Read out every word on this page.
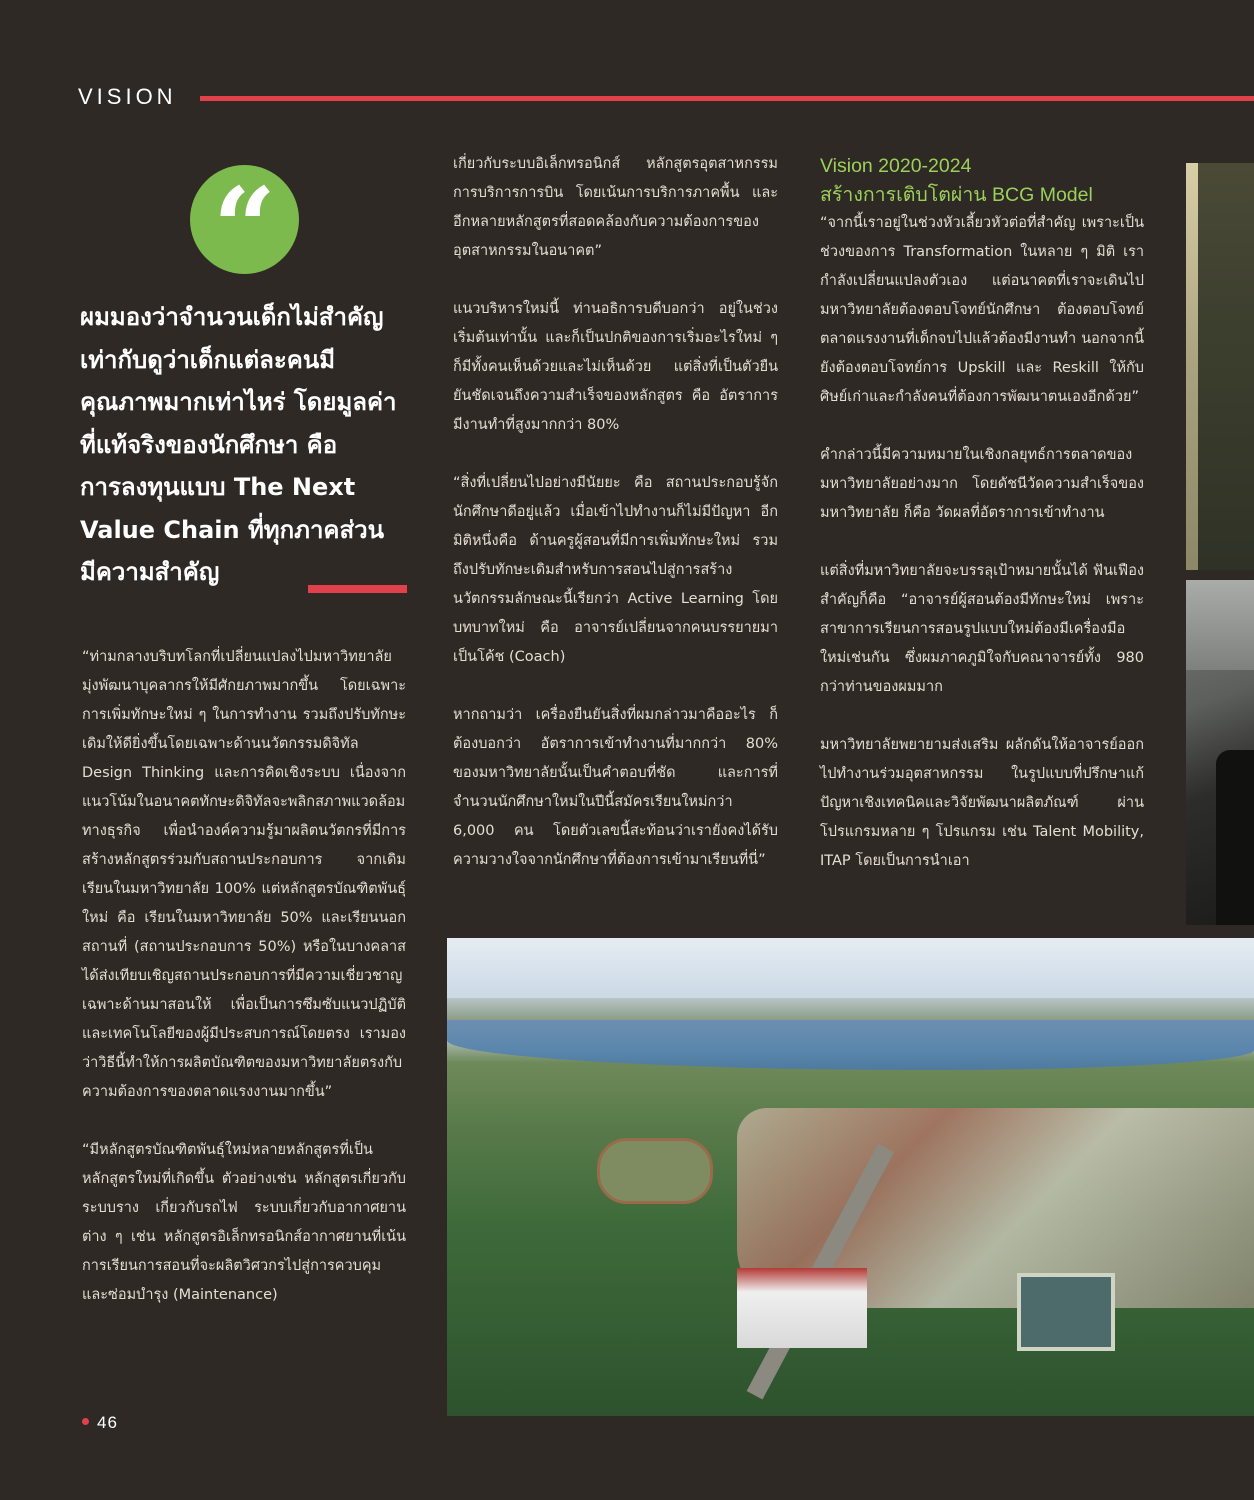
VISION
“
ผมมองว่าจำนวนเด็กไม่สำคัญ
เท่ากับดูว่าเด็กแต่ละคนมี
คุณภาพมากเท่าไหร่ โดยมูลค่า
ที่แท้จริงของนักศึกษา คือ
การลงทุนแบบ The Next
Value Chain ที่ทุกภาคส่วน
มีความสำคัญ

“ท่ามกลางบริบทโลกที่เปลี่ยนแปลงไปมหาวิทยาลัยมุ่งพัฒนาบุคลากรให้มีศักยภาพมากขึ้น โดยเฉพาะการเพิ่มทักษะใหม่ ๆ ในการทำงาน รวมถึงปรับทักษะเดิมให้ดียิ่งขึ้นโดยเฉพาะด้านนวัตกรรมดิจิทัล Design Thinking และการคิดเชิงระบบ เนื่องจากแนวโน้มในอนาคตทักษะดิจิทัลจะพลิกสภาพแวดล้อมทางธุรกิจ เพื่อนำองค์ความรู้มาผลิตนวัตกรที่มีการสร้างหลักสูตรร่วมกับสถานประกอบการ จากเดิมเรียนในมหาวิทยาลัย 100% แต่หลักสูตรบัณฑิตพันธุ์ใหม่ คือ เรียนในมหาวิทยาลัย 50% และเรียนนอกสถานที่ (สถานประกอบการ 50%) หรือในบางคลาสได้ส่งเทียบเชิญสถานประกอบการที่มีความเชี่ยวชาญเฉพาะด้านมาสอนให้ เพื่อเป็นการซึมซับแนวปฏิบัติและเทคโนโลยีของผู้มีประสบการณ์โดยตรง เรามองว่าวิธีนี้ทำให้การผลิตบัณฑิตของมหาวิทยาลัยตรงกับความต้องการของตลาดแรงงานมากขึ้น”

“มีหลักสูตรบัณฑิตพันธุ์ใหม่หลายหลักสูตรที่เป็นหลักสูตรใหม่ที่เกิดขึ้น ตัวอย่างเช่น หลักสูตรเกี่ยวกับระบบราง เกี่ยวกับรถไฟ ระบบเกี่ยวกับอากาศยานต่าง ๆ เช่น หลักสูตรอิเล็กทรอนิกส์อากาศยานที่เน้นการเรียนการสอนที่จะผลิตวิศวกรไปสู่การควบคุม และซ่อมบำรุง (Maintenance)

เกี่ยวกับระบบอิเล็กทรอนิกส์ หลักสูตรอุตสาหกรรมการบริการการบิน โดยเน้นการบริการภาคพื้น และอีกหลายหลักสูตรที่สอดคล้องกับความต้องการของอุตสาหกรรมในอนาคต”

แนวบริหารใหม่นี้ ท่านอธิการบดีบอกว่า อยู่ในช่วงเริ่มต้นเท่านั้น และก็เป็นปกติของการเริ่มอะไรใหม่ ๆ ก็มีทั้งคนเห็นด้วยและไม่เห็นด้วย แต่สิ่งที่เป็นตัวยืนยันชัดเจนถึงความสำเร็จของหลักสูตร คือ อัตราการมีงานทำที่สูงมากกว่า 80%

“สิ่งที่เปลี่ยนไปอย่างมีนัยยะ คือ สถานประกอบรู้จักนักศึกษาดีอยู่แล้ว เมื่อเข้าไปทำงานก็ไม่มีปัญหา อีกมิติหนึ่งคือ ด้านครูผู้สอนที่มีการเพิ่มทักษะใหม่ รวมถึงปรับทักษะเดิมสำหรับการสอนไปสู่การสร้างนวัตกรรมลักษณะนี้เรียกว่า Active Learning โดยบทบาทใหม่ คือ อาจารย์เปลี่ยนจากคนบรรยายมาเป็นโค้ช (Coach)

หากถามว่า เครื่องยืนยันสิ่งที่ผมกล่าวมาคืออะไร ก็ต้องบอกว่า อัตราการเข้าทำงานที่มากกว่า 80% ของมหาวิทยาลัยนั้นเป็นคำตอบที่ชัด และการที่จำนวนนักศึกษาใหม่ในปีนี้สมัครเรียนใหม่กว่า 6,000 คน โดยตัวเลขนี้สะท้อนว่าเรายังคงได้รับความวางใจจากนักศึกษาที่ต้องการเข้ามาเรียนที่นี่”

Vision 2020-2024
สร้างการเติบโตผ่าน BCG Model

“จากนี้เราอยู่ในช่วงหัวเลี้ยวหัวต่อที่สำคัญ เพราะเป็นช่วงของการ Transformation ในหลาย ๆ มิติ เรากำลังเปลี่ยนแปลงตัวเอง แต่อนาคตที่เราจะเดินไป มหาวิทยาลัยต้องตอบโจทย์นักศึกษา ต้องตอบโจทย์ตลาดแรงงานที่เด็กจบไปแล้วต้องมีงานทำ นอกจากนี้ยังต้องตอบโจทย์การ Upskill และ Reskill ให้กับศิษย์เก่าและกำลังคนที่ต้องการพัฒนาตนเองอีกด้วย”

คำกล่าวนี้มีความหมายในเชิงกลยุทธ์การตลาดของมหาวิทยาลัยอย่างมาก โดยดัชนีวัดความสำเร็จของมหาวิทยาลัย ก็คือ วัดผลที่อัตราการเข้าทำงาน

แต่สิ่งที่มหาวิทยาลัยจะบรรลุเป้าหมายนั้นได้ ฟันเฟืองสำคัญก็คือ “อาจารย์ผู้สอนต้องมีทักษะใหม่ เพราะสาขาการเรียนการสอนรูปแบบใหม่ต้องมีเครื่องมือใหม่เช่นกัน ซึ่งผมภาคภูมิใจกับคณาจารย์ทั้ง 980 กว่าท่านของผมมาก

มหาวิทยาลัยพยายามส่งเสริม ผลักดันให้อาจารย์ออกไปทำงานร่วมอุตสาหกรรม ในรูปแบบที่ปรึกษาแก้ปัญหาเชิงเทคนิคและวิจัยพัฒนาผลิตภัณฑ์ ผ่านโปรแกรมหลาย ๆ โปรแกรม เช่น Talent Mobility, ITAP โดยเป็นการนำเอา

46
